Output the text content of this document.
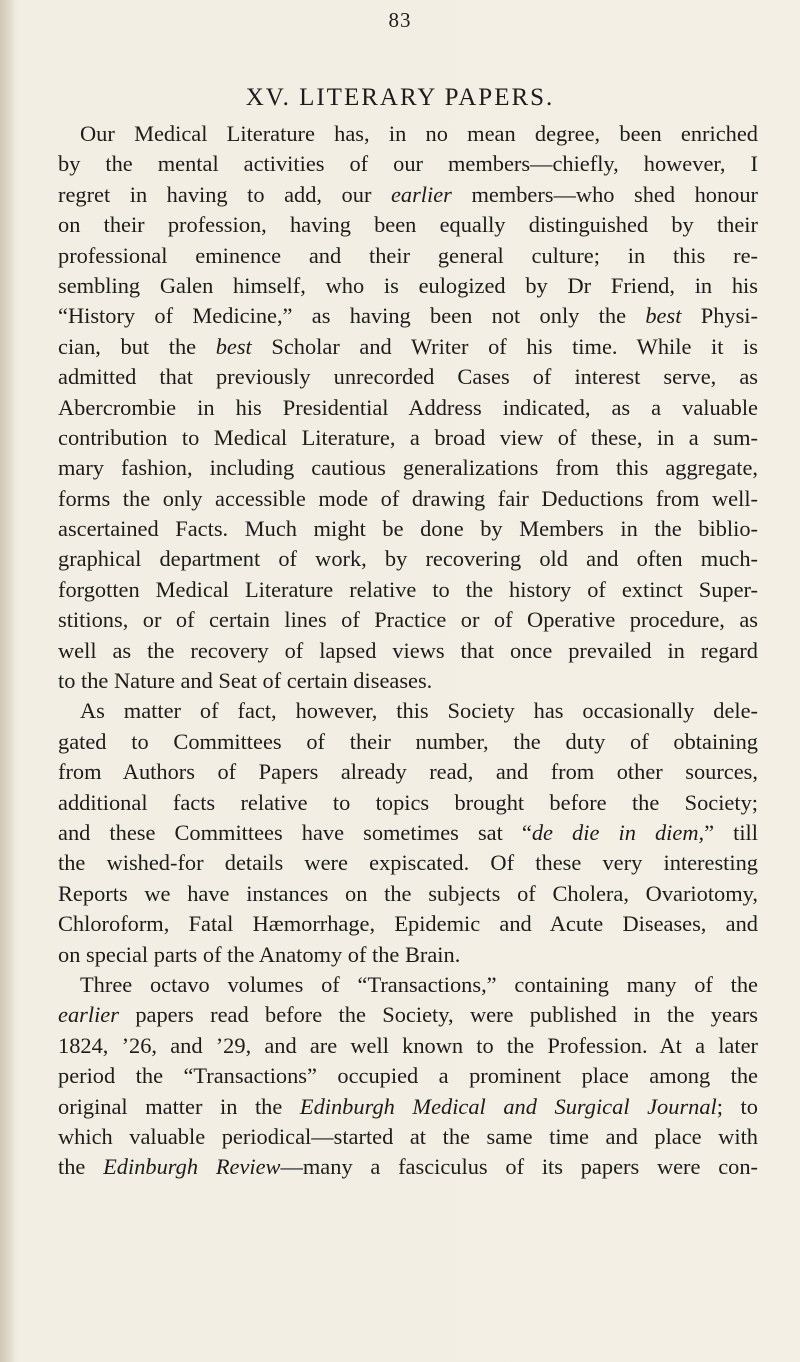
83
XV. LITERARY PAPERS.
Our Medical Literature has, in no mean degree, been enriched
by the mental activities of our members—chiefly, however, I
regret in having to add, our earlier members—who shed honour
on their profession, having been equally distinguished by their
professional eminence and their general culture; in this re-
sembling Galen himself, who is eulogized by Dr Friend, in his
“History of Medicine,” as having been not only the best Physi-
cian, but the best Scholar and Writer of his time. While it is
admitted that previously unrecorded Cases of interest serve, as
Abercrombie in his Presidential Address indicated, as a valuable
contribution to Medical Literature, a broad view of these, in a sum-
mary fashion, including cautious generalizations from this aggregate,
forms the only accessible mode of drawing fair Deductions from well-
ascertained Facts. Much might be done by Members in the biblio-
graphical department of work, by recovering old and often much-
forgotten Medical Literature relative to the history of extinct Super-
stitions, or of certain lines of Practice or of Operative procedure, as
well as the recovery of lapsed views that once prevailed in regard
to the Nature and Seat of certain diseases.
As matter of fact, however, this Society has occasionally dele-
gated to Committees of their number, the duty of obtaining
from Authors of Papers already read, and from other sources,
additional facts relative to topics brought before the Society;
and these Committees have sometimes sat “de die in diem,” till
the wished-for details were expiscated. Of these very interesting
Reports we have instances on the subjects of Cholera, Ovariotomy,
Chloroform, Fatal Hæmorrhage, Epidemic and Acute Diseases, and
on special parts of the Anatomy of the Brain.
Three octavo volumes of “Transactions,” containing many of the
earlier papers read before the Society, were published in the years
1824, ’26, and ’29, and are well known to the Profession. At a later
period the “Transactions” occupied a prominent place among the
original matter in the Edinburgh Medical and Surgical Journal; to
which valuable periodical—started at the same time and place with
the Edinburgh Review—many a fasciculus of its papers were con-
